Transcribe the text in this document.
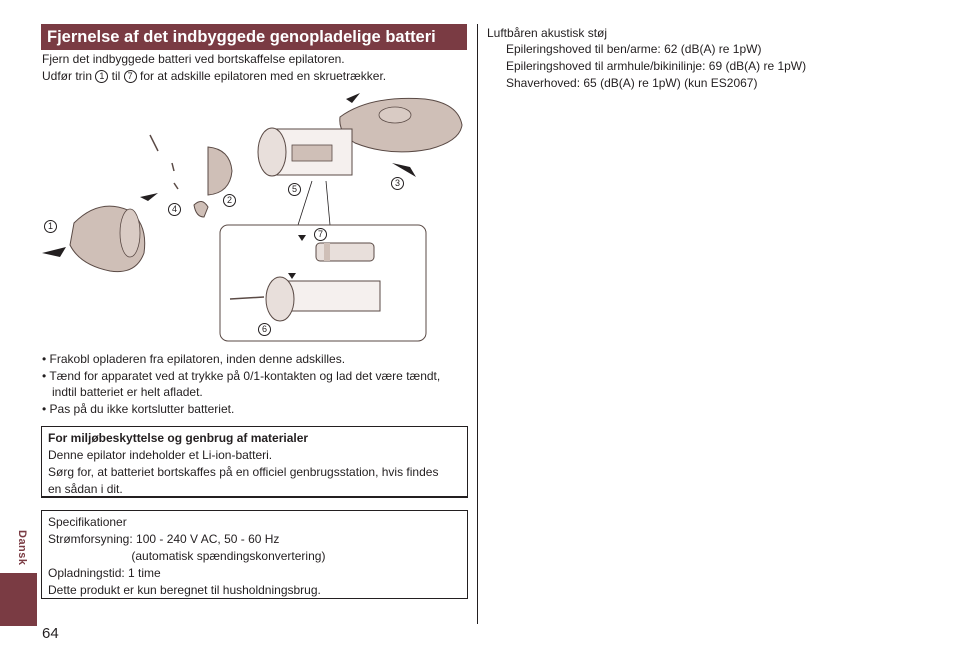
Fjernelse af det indbyggede genopladelige batteri
Fjern det indbyggede batteri ved bortskaffelse epilatoren.
Udfør trin 1 til 7 for at adskille epilatoren med en skruetrækker.
1
2
3
4
5
6
7
• Frakobl opladeren fra epilatoren, inden denne adskilles.
• Tænd for apparatet ved at trykke på 0/1-kontakten og lad det være tændt,
indtil batteriet er helt afladet.
• Pas på du ikke kortslutter batteriet.
For miljøbeskyttelse og genbrug af materialer
Denne epilator indeholder et Li-ion-batteri.
Sørg for, at batteriet bortskaffes på en officiel genbrugsstation, hvis findes
en sådan i dit.
Specifikationer
Strømforsyning: 100 - 240 V AC, 50 - 60 Hz
(automatisk spændingskonvertering)
Opladningstid: 1 time
Dette produkt er kun beregnet til husholdningsbrug.
Luftbåren akustisk støj
Epileringshoved til ben/arme: 62 (dB(A) re 1pW)
Epileringshoved til armhule/bikinilinje: 69 (dB(A) re 1pW)
Shaverhoved: 65 (dB(A) re 1pW) (kun ES2067)
Dansk
64
